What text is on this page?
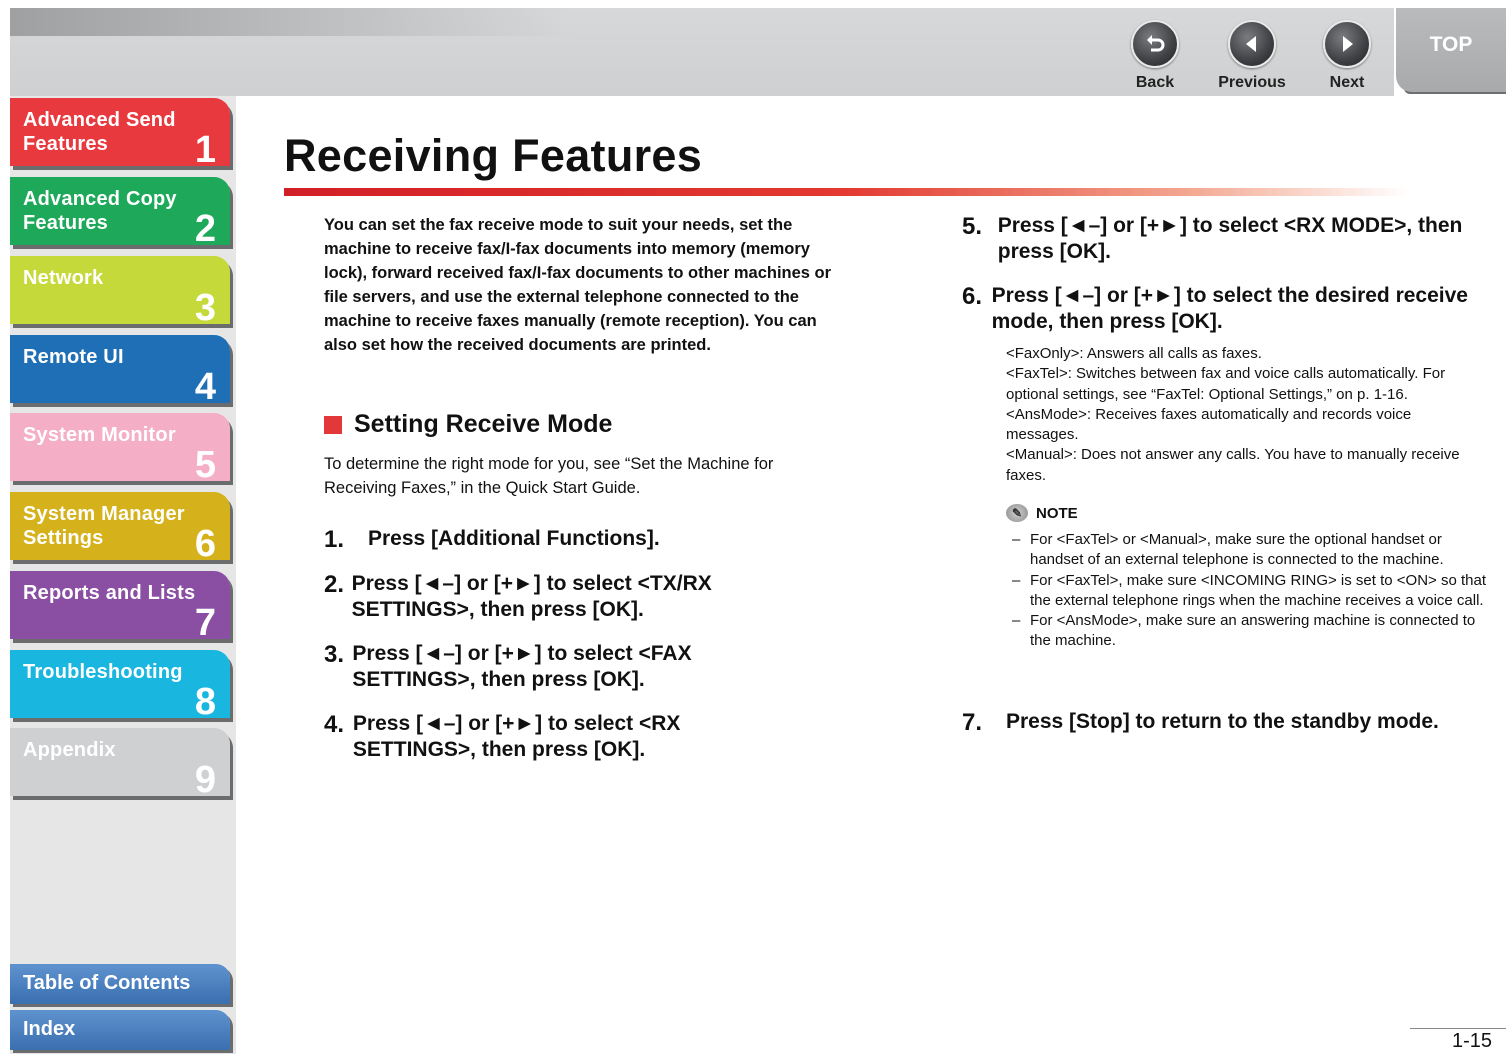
Back	Previous	Next
TOP
Advanced Send
Features	1
Advanced Copy
Features	2
Network
3
Remote UI
4
System Monitor
5
System Manager
Settings	6
Reports and Lists
7
Troubleshooting
8
Appendix
9
Table of Contents
Index
Receiving Features
You can set the fax receive mode to suit your needs, set the machine to receive fax/I-fax documents into memory (memory lock), forward received fax/I-fax documents to other machines or file servers, and use the external telephone connected to the machine to receive faxes manually (remote reception). You can also set how the received documents are printed.
Setting Receive Mode
To determine the right mode for you, see “Set the Machine for Receiving Faxes,” in the Quick Start Guide.
1.	Press [Additional Functions].
2. Press [◄–] or [+►] to select <TX/RX SETTINGS>, then press [OK].
3. Press [◄–] or [+►] to select <FAX SETTINGS>, then press [OK].
4. Press [◄–] or [+►] to select <RX SETTINGS>, then press [OK].
5. Press [◄–] or [+►] to select <RX MODE>, then press [OK].
6. Press [◄–] or [+►] to select the desired receive mode, then press [OK].
<FaxOnly>: Answers all calls as faxes.
<FaxTel>: Switches between fax and voice calls automatically. For optional settings, see “FaxTel: Optional Settings,” on p. 1-16.
<AnsMode>: Receives faxes automatically and records voice messages.
<Manual>: Does not answer any calls. You have to manually receive faxes.
✎ NOTE
– For <FaxTel> or <Manual>, make sure the optional handset or handset of an external telephone is connected to the machine.
– For <FaxTel>, make sure <INCOMING RING> is set to <ON> so that the external telephone rings when the machine receives a voice call.
– For <AnsMode>, make sure an answering machine is connected to the machine.
7.	Press [Stop] to return to the standby mode.
1-15
